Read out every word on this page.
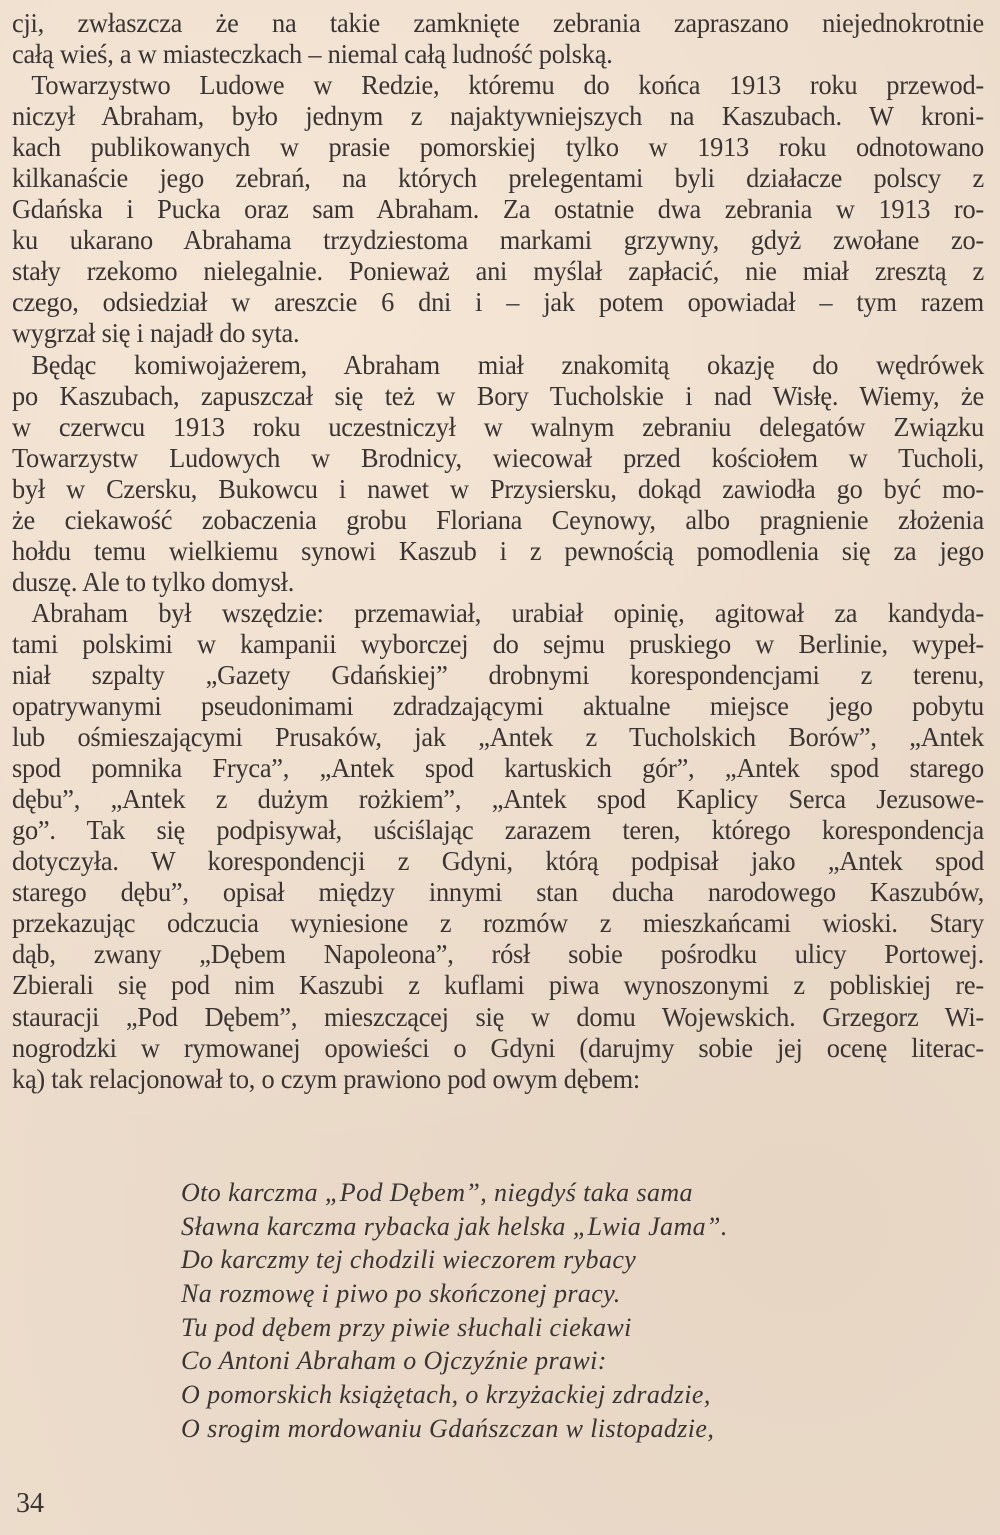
cji, zwłaszcza że na takie zamknięte zebrania zapraszano niejednokrotnie
całą wieś, a w miasteczkach – niemal całą ludność polską.
Towarzystwo Ludowe w Redzie, któremu do końca 1913 roku przewod-
niczył Abraham, było jednym z najaktywniejszych na Kaszubach. W kroni-
kach publikowanych w prasie pomorskiej tylko w 1913 roku odnotowano
kilkanaście jego zebrań, na których prelegentami byli działacze polscy z
Gdańska i Pucka oraz sam Abraham. Za ostatnie dwa zebrania w 1913 ro-
ku ukarano Abrahama trzydziestoma markami grzywny, gdyż zwołane zo-
stały rzekomo nielegalnie. Ponieważ ani myślał zapłacić, nie miał zresztą z
czego, odsiedział w areszcie 6 dni i – jak potem opowiadał – tym razem
wygrzał się i najadł do syta.
Będąc komiwojażerem, Abraham miał znakomitą okazję do wędrówek
po Kaszubach, zapuszczał się też w Bory Tucholskie i nad Wisłę. Wiemy, że
w czerwcu 1913 roku uczestniczył w walnym zebraniu delegatów Związku
Towarzystw Ludowych w Brodnicy, wiecował przed kościołem w Tucholi,
był w Czersku, Bukowcu i nawet w Przysiersku, dokąd zawiodła go być mo-
że ciekawość zobaczenia grobu Floriana Ceynowy, albo pragnienie złożenia
hołdu temu wielkiemu synowi Kaszub i z pewnością pomodlenia się za jego
duszę. Ale to tylko domysł.
Abraham był wszędzie: przemawiał, urabiał opinię, agitował za kandyda-
tami polskimi w kampanii wyborczej do sejmu pruskiego w Berlinie, wypeł-
niał szpalty „Gazety Gdańskiej” drobnymi korespondencjami z terenu,
opatrywanymi pseudonimami zdradzającymi aktualne miejsce jego pobytu
lub ośmieszającymi Prusaków, jak „Antek z Tucholskich Borów”, „Antek
spod pomnika Fryca”, „Antek spod kartuskich gór”, „Antek spod starego
dębu”, „Antek z dużym rożkiem”, „Antek spod Kaplicy Serca Jezusowe-
go”. Tak się podpisywał, uściślając zarazem teren, którego korespondencja
dotyczyła. W korespondencji z Gdyni, którą podpisał jako „Antek spod
starego dębu”, opisał między innymi stan ducha narodowego Kaszubów,
przekazując odczucia wyniesione z rozmów z mieszkańcami wioski. Stary
dąb, zwany „Dębem Napoleona”, rósł sobie pośrodku ulicy Portowej.
Zbierali się pod nim Kaszubi z kuflami piwa wynoszonymi z pobliskiej re-
stauracji „Pod Dębem”, mieszczącej się w domu Wojewskich. Grzegorz Wi-
nogrodzki w rymowanej opowieści o Gdyni (darujmy sobie jej ocenę literac-
ką) tak relacjonował to, o czym prawiono pod owym dębem:
Oto karczma „Pod Dębem”, niegdyś taka sama
Sławna karczma rybacka jak helska „Lwia Jama”.
Do karczmy tej chodzili wieczorem rybacy
Na rozmowę i piwo po skończonej pracy.
Tu pod dębem przy piwie słuchali ciekawi
Co Antoni Abraham o Ojczyźnie prawi:
O pomorskich książętach, o krzyżackiej zdradzie,
O srogim mordowaniu Gdańszczan w listopadzie,
34
